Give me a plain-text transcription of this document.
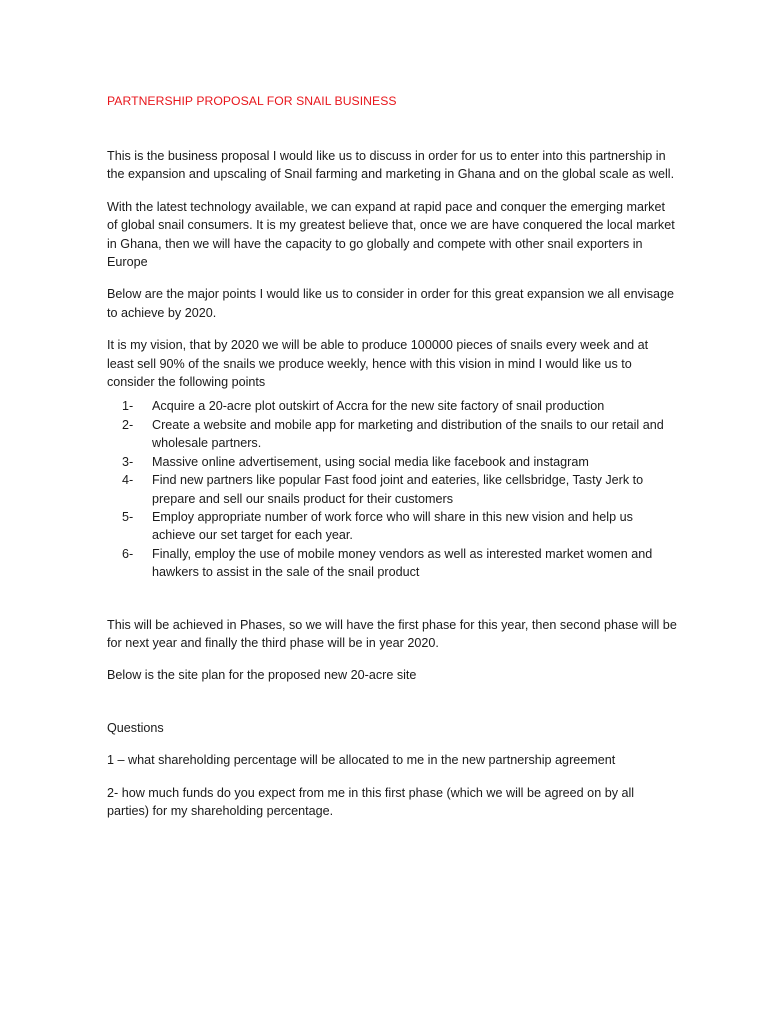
PARTNERSHIP PROPOSAL FOR SNAIL BUSINESS

This is the business proposal I would like us to discuss in order for us to enter into this partnership in the expansion and upscaling of Snail farming and marketing in Ghana and on the global scale as well.

With the latest technology available, we can expand at rapid pace and conquer the emerging market of global snail consumers. It is my greatest believe that, once we are have conquered the local market in Ghana, then we will have the capacity to go globally and compete with other snail exporters in Europe

Below are the major points I would like us to consider in order for this great expansion we all envisage to achieve by 2020.

It is my vision, that by 2020 we will be able to produce 100000 pieces of snails every week and at least sell 90% of the snails we produce weekly, hence with this vision in mind I would like us to consider the following points

1-	Acquire a 20-acre plot outskirt of Accra for the new site factory of snail production
2-	Create a website and mobile app for marketing and distribution of the snails to our retail and wholesale partners.
3-	Massive online advertisement, using social media like facebook and instagram
4-	Find new partners like popular Fast food joint and eateries, like cellsbridge, Tasty Jerk to prepare and sell our snails product for their customers
5-	Employ appropriate number of work force who will share in this new vision and help us achieve our set target for each year.
6-	Finally, employ the use of mobile money vendors as well as interested market women and hawkers to assist in the sale of the snail product

This will be achieved in Phases, so we will have the first phase for this year, then second phase will be for next year and finally the third phase will be in year 2020.

Below is the site plan for the proposed new 20-acre site

Questions

1 – what shareholding percentage will be allocated to me in the new partnership agreement

2- how much funds do you expect from me in this first phase (which we will be agreed on by all parties) for my shareholding percentage.
